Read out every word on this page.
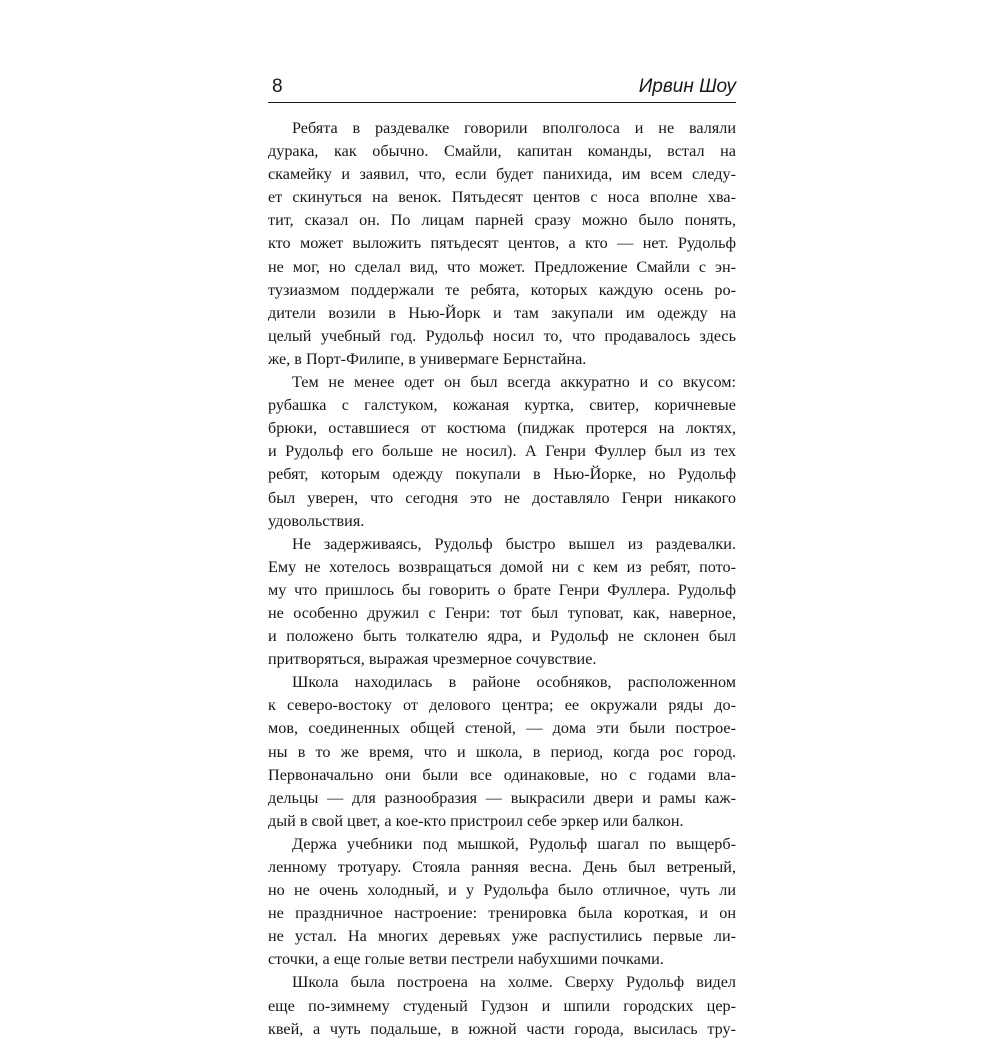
8	Ирвин Шоу

Ребята в раздевалке говорили вполголоса и не валяли
дурака, как обычно. Смайли, капитан команды, встал на
скамейку и заявил, что, если будет панихида, им всем следу-
ет скинуться на венок. Пятьдесят центов с носа вполне хва-
тит, сказал он. По лицам парней сразу можно было понять,
кто может выложить пятьдесят центов, а кто — нет. Рудольф
не мог, но сделал вид, что может. Предложение Смайли с эн-
тузиазмом поддержали те ребята, которых каждую осень ро-
дители возили в Нью-Йорк и там закупали им одежду на
целый учебный год. Рудольф носил то, что продавалось здесь
же, в Порт-Филипе, в универмаге Бернстайна.

Тем не менее одет он был всегда аккуратно и со вкусом:
рубашка с галстуком, кожаная куртка, свитер, коричневые
брюки, оставшиеся от костюма (пиджак протерся на локтях,
и Рудольф его больше не носил). А Генри Фуллер был из тех
ребят, которым одежду покупали в Нью-Йорке, но Рудольф
был уверен, что сегодня это не доставляло Генри никакого
удовольствия.

Не задерживаясь, Рудольф быстро вышел из раздевалки.
Ему не хотелось возвращаться домой ни с кем из ребят, пото-
му что пришлось бы говорить о брате Генри Фуллера. Рудольф
не особенно дружил с Генри: тот был туповат, как, наверное,
и положено быть толкателю ядра, и Рудольф не склонен был
притворяться, выражая чрезмерное сочувствие.

Школа находилась в районе особняков, расположенном
к северо-востоку от делового центра; ее окружали ряды до-
мов, соединенных общей стеной, — дома эти были построе-
ны в то же время, что и школа, в период, когда рос город.
Первоначально они были все одинаковые, но с годами вла-
дельцы — для разнообразия — выкрасили двери и рамы каж-
дый в свой цвет, а кое-кто пристроил себе эркер или балкон.

Держа учебники под мышкой, Рудольф шагал по выщерб-
ленному тротуару. Стояла ранняя весна. День был ветреный,
но не очень холодный, и у Рудольфа было отличное, чуть ли
не праздничное настроение: тренировка была короткая, и он
не устал. На многих деревьях уже распустились первые ли-
сточки, а еще голые ветви пестрели набухшими почками.

Школа была построена на холме. Сверху Рудольф видел
еще по-зимнему студеный Гудзон и шпили городских цер-
квей, а чуть подальше, в южной части города, высилась тру-
